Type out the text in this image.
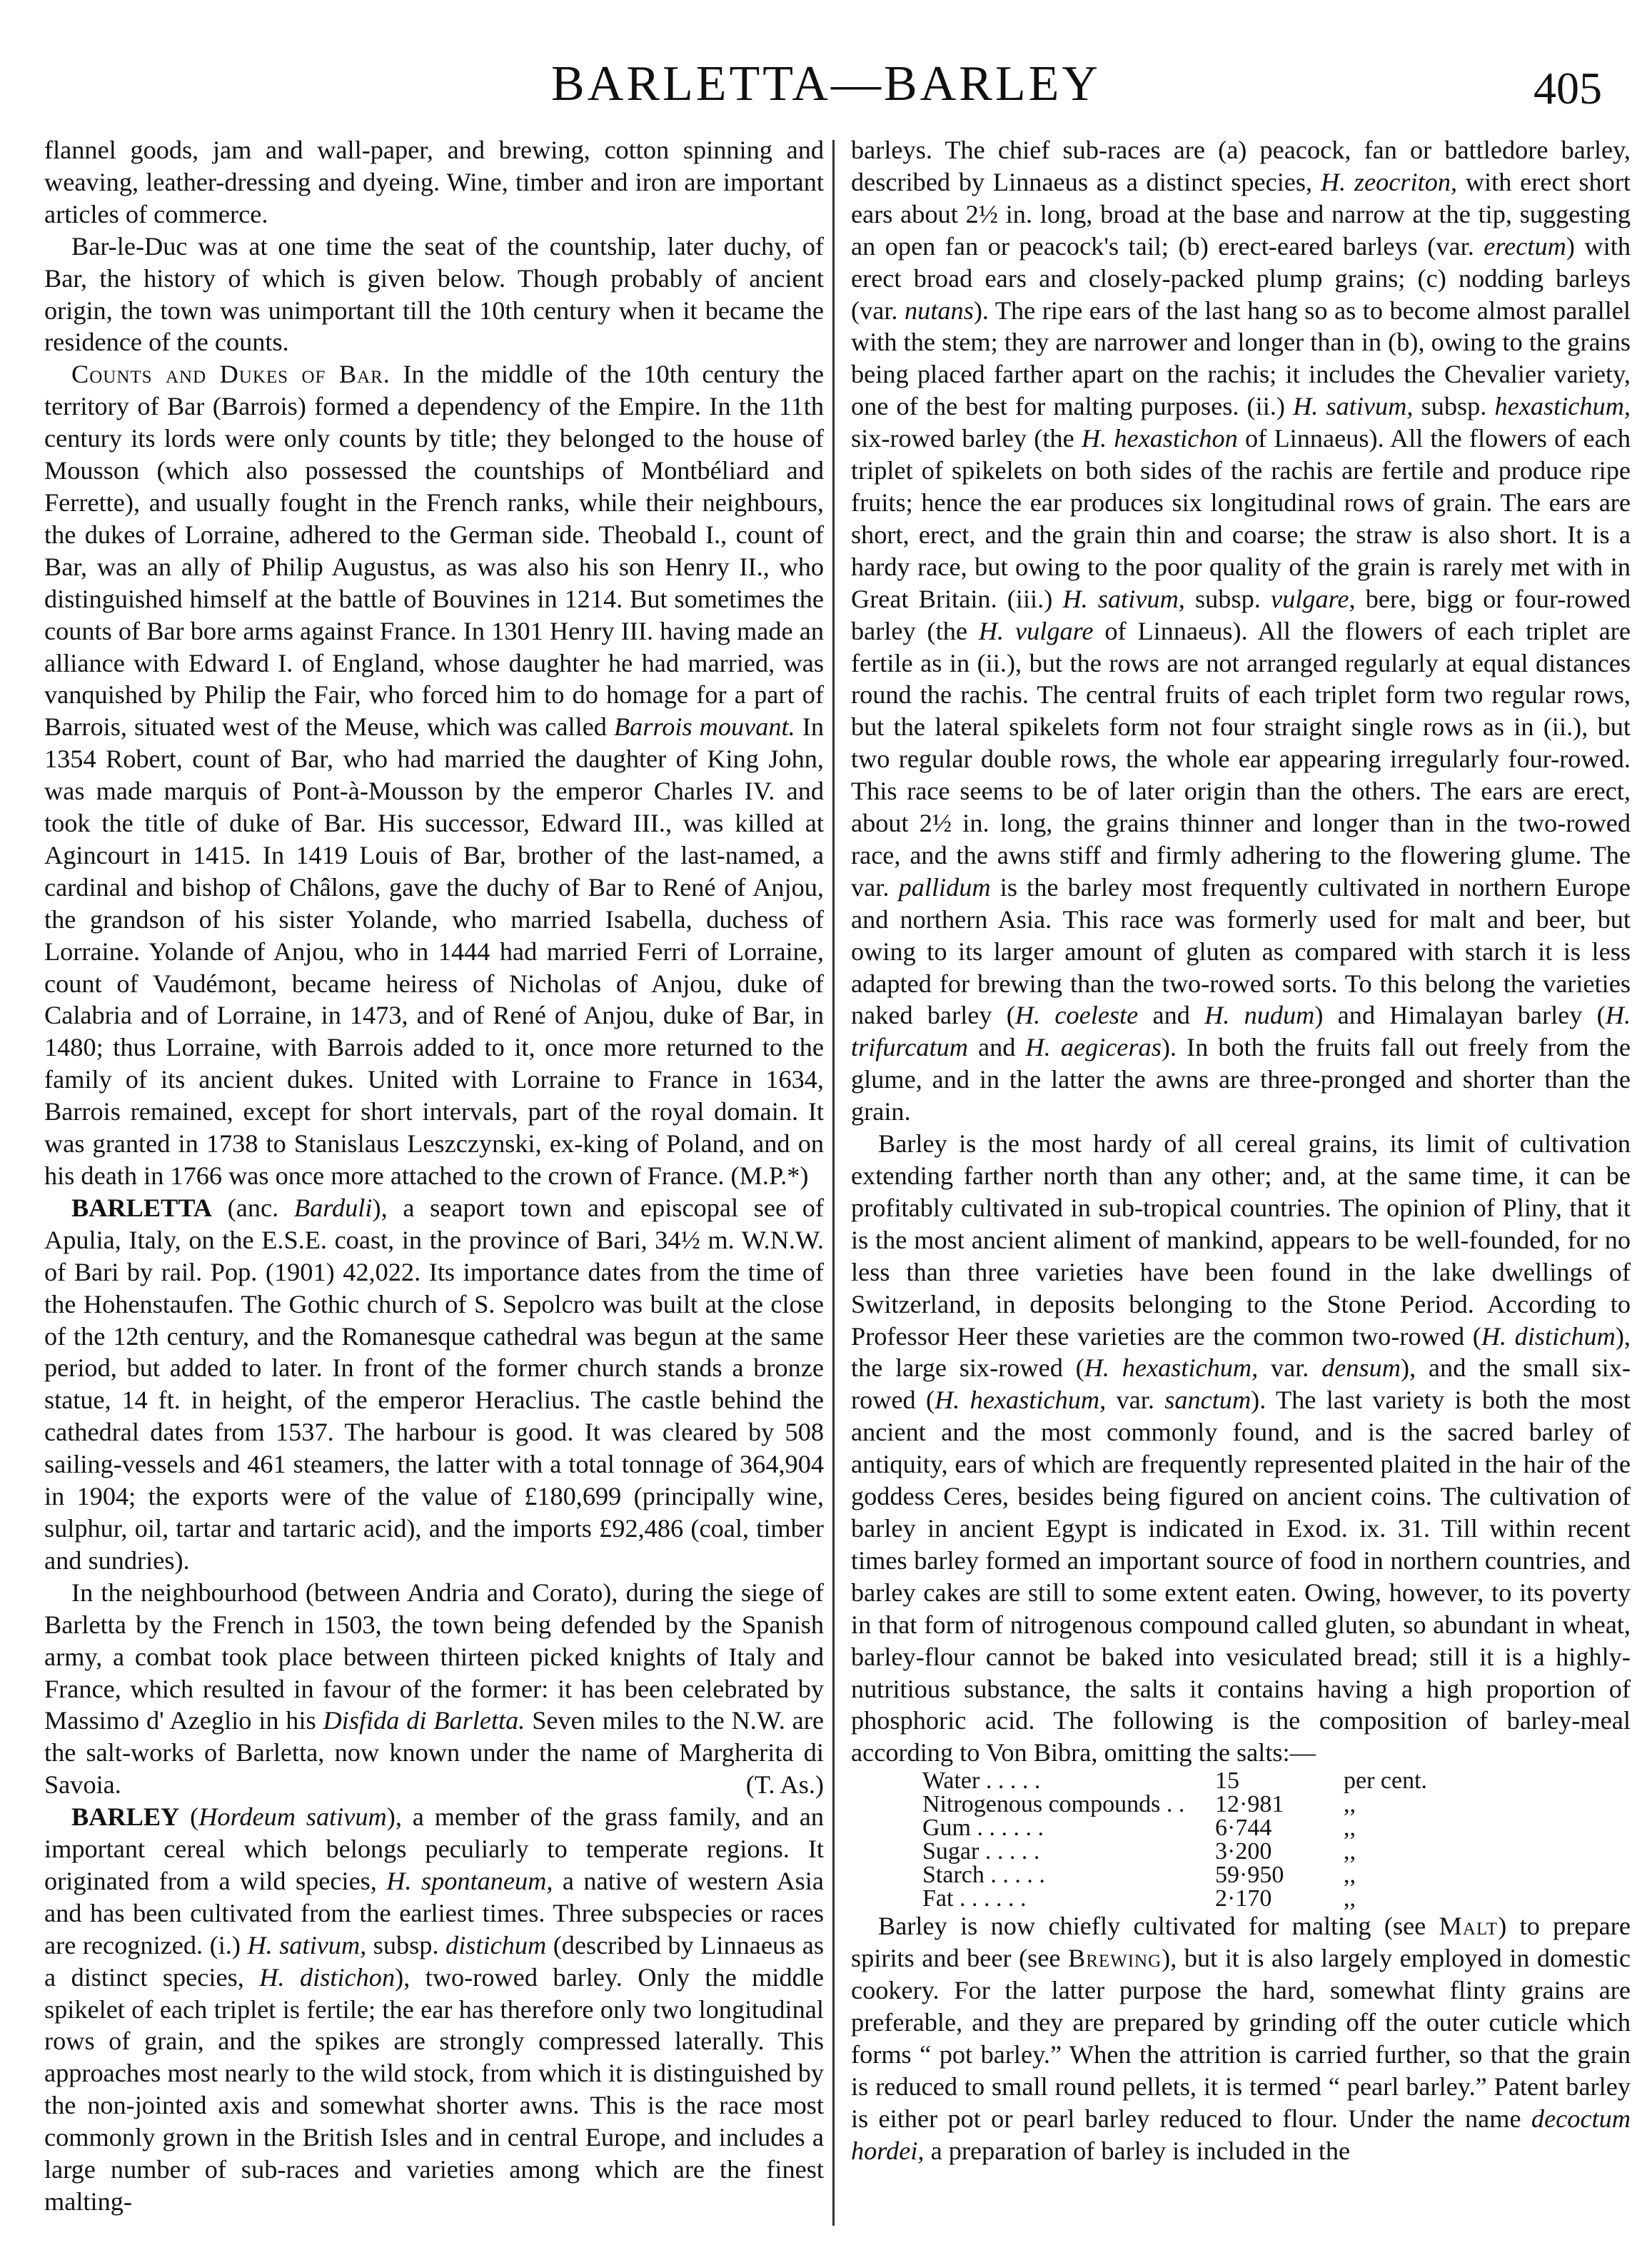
BARLETTA—BARLEY	405

flannel goods, jam and wall-paper, and brewing, cotton spinning and weaving, leather-dressing and dyeing. Wine, timber and iron are important articles of commerce.

Bar-le-Duc was at one time the seat of the countship, later duchy, of Bar, the history of which is given below. Though probably of ancient origin, the town was unimportant till the 10th century when it became the residence of the counts.

Counts and Dukes of Bar. In the middle of the 10th century the territory of Bar (Barrois) formed a dependency of the Empire. In the 11th century its lords were only counts by title; they belonged to the house of Mousson (which also possessed the countships of Montbéliard and Ferrette), and usually fought in the French ranks, while their neighbours, the dukes of Lorraine, adhered to the German side. Theobald I., count of Bar, was an ally of Philip Augustus, as was also his son Henry II., who distinguished himself at the battle of Bouvines in 1214. But sometimes the counts of Bar bore arms against France. In 1301 Henry III. having made an alliance with Edward I. of England, whose daughter he had married, was vanquished by Philip the Fair, who forced him to do homage for a part of Barrois, situated west of the Meuse, which was called Barrois mouvant. In 1354 Robert, count of Bar, who had married the daughter of King John, was made marquis of Pont-à-Mousson by the emperor Charles IV. and took the title of duke of Bar. His successor, Edward III., was killed at Agincourt in 1415. In 1419 Louis of Bar, brother of the last-named, a cardinal and bishop of Châlons, gave the duchy of Bar to René of Anjou, the grandson of his sister Yolande, who married Isabella, duchess of Lorraine. Yolande of Anjou, who in 1444 had married Ferri of Lorraine, count of Vaudémont, became heiress of Nicholas of Anjou, duke of Calabria and of Lorraine, in 1473, and of René of Anjou, duke of Bar, in 1480; thus Lorraine, with Barrois added to it, once more returned to the family of its ancient dukes. United with Lorraine to France in 1634, Barrois remained, except for short intervals, part of the royal domain. It was granted in 1738 to Stanislaus Leszczynski, ex-king of Poland, and on his death in 1766 was once more attached to the crown of France. (M.P.*)

BARLETTA (anc. Barduli), a seaport town and episcopal see of Apulia, Italy, on the E.S.E. coast, in the province of Bari, 34½ m. W.N.W. of Bari by rail. Pop. (1901) 42,022. Its importance dates from the time of the Hohenstaufen. The Gothic church of S. Sepolcro was built at the close of the 12th century, and the Romanesque cathedral was begun at the same period, but added to later. In front of the former church stands a bronze statue, 14 ft. in height, of the emperor Heraclius. The castle behind the cathedral dates from 1537. The harbour is good. It was cleared by 508 sailing-vessels and 461 steamers, the latter with a total tonnage of 364,904 in 1904; the exports were of the value of £180,699 (principally wine, sulphur, oil, tartar and tartaric acid), and the imports £92,486 (coal, timber and sundries).

In the neighbourhood (between Andria and Corato), during the siege of Barletta by the French in 1503, the town being defended by the Spanish army, a combat took place between thirteen picked knights of Italy and France, which resulted in favour of the former: it has been celebrated by Massimo d' Azeglio in his Disfida di Barletta. Seven miles to the N.W. are the salt-works of Barletta, now known under the name of Margherita di Savoia.	(T. As.)

BARLEY (Hordeum sativum), a member of the grass family, and an important cereal which belongs peculiarly to temperate regions. It originated from a wild species, H. spontaneum, a native of western Asia and has been cultivated from the earliest times. Three subspecies or races are recognized. (i.) H. sativum, subsp. distichum (described by Linnaeus as a distinct species, H. distichon), two-rowed barley. Only the middle spikelet of each triplet is fertile; the ear has therefore only two longitudinal rows of grain, and the spikes are strongly compressed laterally. This approaches most nearly to the wild stock, from which it is distinguished by the non-jointed axis and somewhat shorter awns. This is the race most commonly grown in the British Isles and in central Europe, and includes a large number of sub-races and varieties among which are the finest malting-

barleys. The chief sub-races are (a) peacock, fan or battledore barley, described by Linnaeus as a distinct species, H. zeocriton, with erect short ears about 2½ in. long, broad at the base and narrow at the tip, suggesting an open fan or peacock's tail; (b) erect-eared barleys (var. erectum) with erect broad ears and closely-packed plump grains; (c) nodding barleys (var. nutans). The ripe ears of the last hang so as to become almost parallel with the stem; they are narrower and longer than in (b), owing to the grains being placed farther apart on the rachis; it includes the Chevalier variety, one of the best for malting purposes. (ii.) H. sativum, subsp. hexastichum, six-rowed barley (the H. hexastichon of Linnaeus). All the flowers of each triplet of spikelets on both sides of the rachis are fertile and produce ripe fruits; hence the ear produces six longitudinal rows of grain. The ears are short, erect, and the grain thin and coarse; the straw is also short. It is a hardy race, but owing to the poor quality of the grain is rarely met with in Great Britain. (iii.) H. sativum, subsp. vulgare, bere, bigg or four-rowed barley (the H. vulgare of Linnaeus). All the flowers of each triplet are fertile as in (ii.), but the rows are not arranged regularly at equal distances round the rachis. The central fruits of each triplet form two regular rows, but the lateral spikelets form not four straight single rows as in (ii.), but two regular double rows, the whole ear appearing irregularly four-rowed. This race seems to be of later origin than the others. The ears are erect, about 2½ in. long, the grains thinner and longer than in the two-rowed race, and the awns stiff and firmly adhering to the flowering glume. The var. pallidum is the barley most frequently cultivated in northern Europe and northern Asia. This race was formerly used for malt and beer, but owing to its larger amount of gluten as compared with starch it is less adapted for brewing than the two-rowed sorts. To this belong the varieties naked barley (H. coeleste and H. nudum) and Himalayan barley (H. trifurcatum and H. aegiceras). In both the fruits fall out freely from the glume, and in the latter the awns are three-pronged and shorter than the grain.

Barley is the most hardy of all cereal grains, its limit of cultivation extending farther north than any other; and, at the same time, it can be profitably cultivated in sub-tropical countries. The opinion of Pliny, that it is the most ancient aliment of mankind, appears to be well-founded, for no less than three varieties have been found in the lake dwellings of Switzerland, in deposits belonging to the Stone Period. According to Professor Heer these varieties are the common two-rowed (H. distichum), the large six-rowed (H. hexastichum, var. densum), and the small six-rowed (H. hexastichum, var. sanctum). The last variety is both the most ancient and the most commonly found, and is the sacred barley of antiquity, ears of which are frequently represented plaited in the hair of the goddess Ceres, besides being figured on ancient coins. The cultivation of barley in ancient Egypt is indicated in Exod. ix. 31. Till within recent times barley formed an important source of food in northern countries, and barley cakes are still to some extent eaten. Owing, however, to its poverty in that form of nitrogenous compound called gluten, so abundant in wheat, barley-flour cannot be baked into vesiculated bread; still it is a highly-nutritious substance, the salts it contains having a high proportion of phosphoric acid. The following is the composition of barley-meal according to Von Bibra, omitting the salts:—

Water . . . . .	15	per cent.
Nitrogenous compounds . .	12·981	,,
Gum . . . . . .	6·744	,,
Sugar . . . . .	3·200	,,
Starch . . . . .	59·950	,,
Fat . . . . . .	2·170	,,

Barley is now chiefly cultivated for malting (see Malt) to prepare spirits and beer (see Brewing), but it is also largely employed in domestic cookery. For the latter purpose the hard, somewhat flinty grains are preferable, and they are prepared by grinding off the outer cuticle which forms “ pot barley.” When the attrition is carried further, so that the grain is reduced to small round pellets, it is termed “ pearl barley.” Patent barley is either pot or pearl barley reduced to flour. Under the name decoctum hordei, a preparation of barley is included in the
